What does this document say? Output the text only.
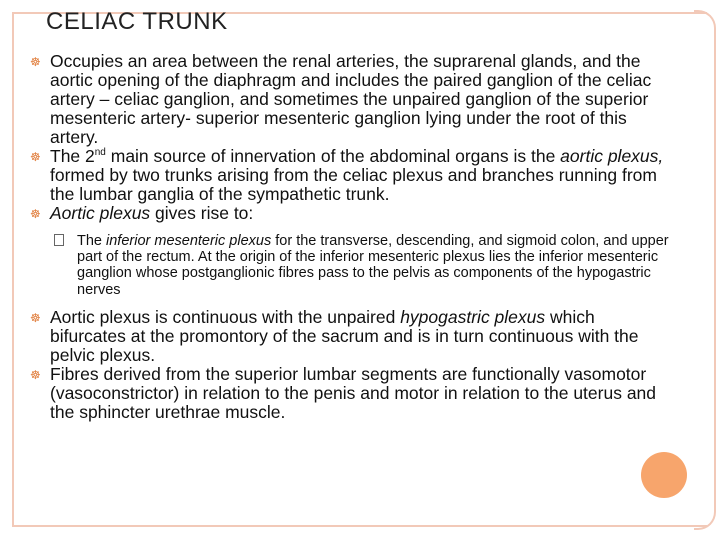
CELIAC TRUNK

☸ Occupies an area between the renal arteries, the suprarenal glands, and the aortic opening of the diaphragm and includes the paired ganglion of the celiac artery – celiac ganglion, and sometimes the unpaired ganglion of the superior mesenteric artery- superior mesenteric ganglion lying under the root of this artery.

☸ The 2nd main source of innervation of the abdominal organs is the aortic plexus, formed by two trunks arising from the celiac plexus and branches running from the lumbar ganglia of the sympathetic trunk.

☸ Aortic plexus gives rise to:

The inferior mesenteric plexus for the transverse, descending, and sigmoid colon, and upper part of the rectum. At the origin of the inferior mesenteric plexus lies the inferior mesenteric ganglion whose postganglionic fibres pass to the pelvis as components of the hypogastric nerves

☸ Aortic plexus is continuous with the unpaired hypogastric plexus which bifurcates at the promontory of the sacrum and is in turn continuous with the pelvic plexus.

☸ Fibres derived from the superior lumbar segments are functionally vasomotor (vasoconstrictor) in relation to the penis and motor in relation to the uterus and the sphincter urethrae muscle.
